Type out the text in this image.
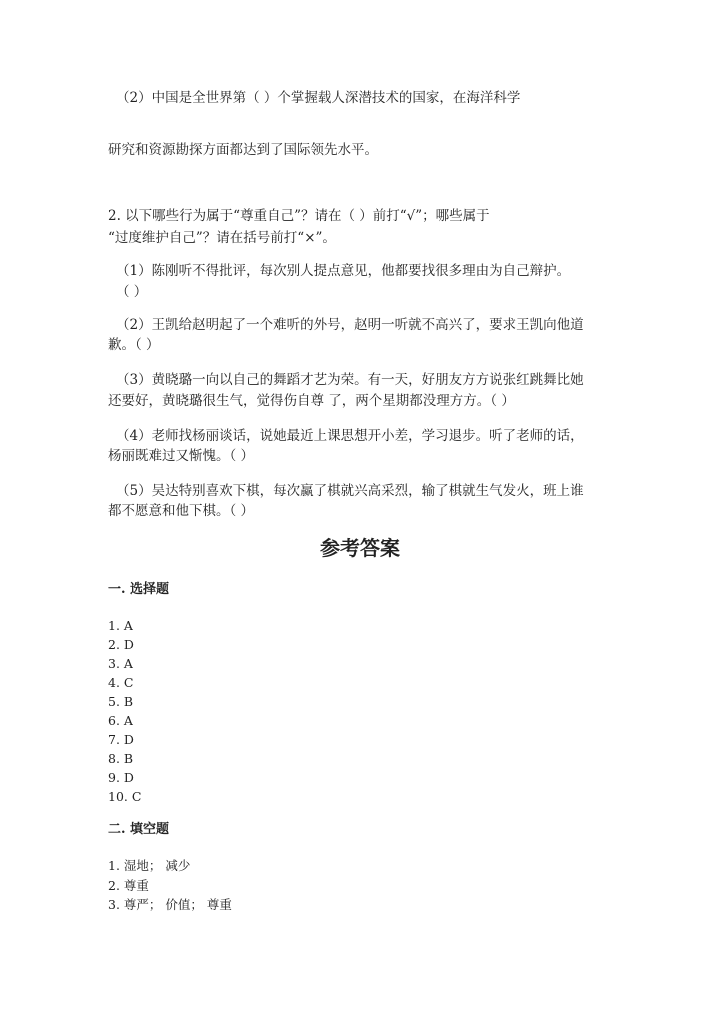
（2）中国是全世界第（ ）个掌握载人深潜技术的国家，在海洋科学
研究和资源勘探方面都达到了国际领先水平。
2. 以下哪些行为属于“尊重自己”？请在（ ）前打“√”；哪些属于
“过度维护自己”？请在括号前打“×”。
（1）陈刚听不得批评，每次别人提点意见，他都要找很多理由为自己辩护。
（ ）
（2）王凯给赵明起了一个难听的外号，赵明一听就不高兴了，要求王凯向他道
歉。（ ）
（3）黄晓璐一向以自己的舞蹈才艺为荣。有一天，好朋友方方说张红跳舞比她
还要好，黄晓璐很生气，觉得伤自尊 了，两个星期都没理方方。（ ）
（4）老师找杨丽谈话，说她最近上课思想开小差，学习退步。听了老师的话，
杨丽既难过又惭愧。（ ）
（5）吴达特别喜欢下棋，每次赢了棋就兴高采烈，输了棋就生气发火，班上谁
都不愿意和他下棋。（ ）
参考答案
一. 选择题
1. A
2. D
3. A
4. C
5. B
6. A
7. D
8. B
9. D
10. C
二. 填空题
1. 湿地； 减少
2. 尊重
3. 尊严； 价值； 尊重
